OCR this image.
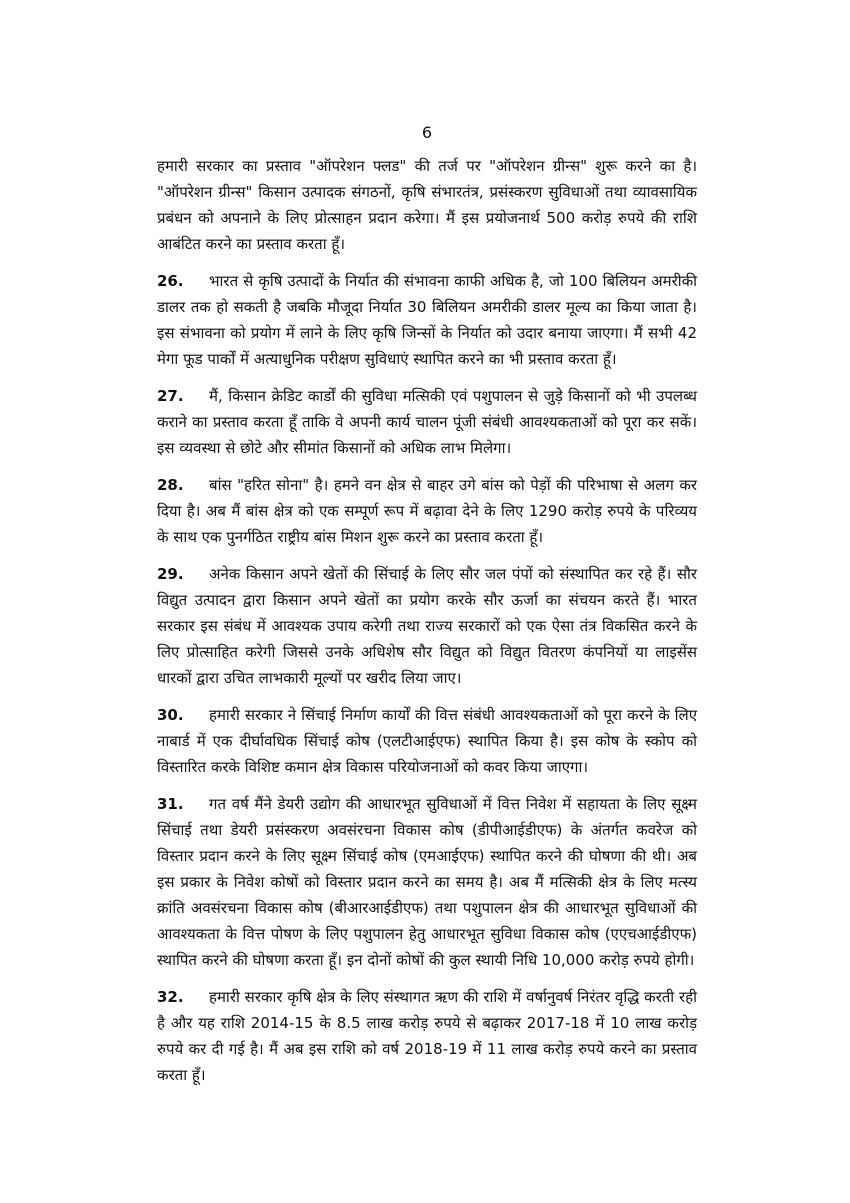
6

हमारी सरकार का प्रस्ताव "ऑपरेशन फ्लड" की तर्ज पर "ऑपरेशन ग्रीन्स" शुरू करने का है। "ऑपरेशन ग्रीन्स" किसान उत्पादक संगठनों, कृषि संभारतंत्र, प्रसंस्करण सुविधाओं तथा व्यावसायिक प्रबंधन को अपनाने के लिए प्रोत्साहन प्रदान करेगा। मैं इस प्रयोजनार्थ 500 करोड़ रुपये की राशि आबंटित करने का प्रस्ताव करता हूँ।

26. भारत से कृषि उत्पादों के निर्यात की संभावना काफी अधिक है, जो 100 बिलियन अमरीकी डालर तक हो सकती है जबकि मौजूदा निर्यात 30 बिलियन अमरीकी डालर मूल्य का किया जाता है। इस संभावना को प्रयोग में लाने के लिए कृषि जिन्सों के निर्यात को उदार बनाया जाएगा। मैं सभी 42 मेगा फूड पार्कों में अत्याधुनिक परीक्षण सुविधाएं स्थापित करने का भी प्रस्ताव करता हूँ।

27. मैं, किसान क्रेडिट कार्डों की सुविधा मत्सिकी एवं पशुपालन से जुड़े किसानों को भी उपलब्ध कराने का प्रस्ताव करता हूँ ताकि वे अपनी कार्य चालन पूंजी संबंधी आवश्यकताओं को पूरा कर सकें। इस व्यवस्था से छोटे और सीमांत किसानों को अधिक लाभ मिलेगा।

28. बांस "हरित सोना" है। हमने वन क्षेत्र से बाहर उगे बांस को पेड़ों की परिभाषा से अलग कर दिया है। अब मैं बांस क्षेत्र को एक सम्पूर्ण रूप में बढ़ावा देने के लिए 1290 करोड़ रुपये के परिव्यय के साथ एक पुनर्गठित राष्ट्रीय बांस मिशन शुरू करने का प्रस्ताव करता हूँ।

29. अनेक किसान अपने खेतों की सिंचाई के लिए सौर जल पंपों को संस्थापित कर रहे हैं। सौर विद्युत उत्पादन द्वारा किसान अपने खेतों का प्रयोग करके सौर ऊर्जा का संचयन करते हैं। भारत सरकार इस संबंध में आवश्यक उपाय करेगी तथा राज्य सरकारों को एक ऐसा तंत्र विकसित करने के लिए प्रोत्साहित करेगी जिससे उनके अधिशेष सौर विद्युत को विद्युत वितरण कंपनियों या लाइसेंस धारकों द्वारा उचित लाभकारी मूल्यों पर खरीद लिया जाए।

30. हमारी सरकार ने सिंचाई निर्माण कार्यों की वित्त संबंधी आवश्यकताओं को पूरा करने के लिए नाबार्ड में एक दीर्घावधिक सिंचाई कोष (एलटीआईएफ) स्थापित किया है। इस कोष के स्कोप को विस्तारित करके विशिष्ट कमान क्षेत्र विकास परियोजनाओं को कवर किया जाएगा।

31. गत वर्ष मैंने डेयरी उद्योग की आधारभूत सुविधाओं में वित्त निवेश में सहायता के लिए सूक्ष्म सिंचाई तथा डेयरी प्रसंस्करण अवसंरचना विकास कोष (डीपीआईडीएफ) के अंतर्गत कवरेज को विस्तार प्रदान करने के लिए सूक्ष्म सिंचाई कोष (एमआईएफ) स्थापित करने की घोषणा की थी। अब इस प्रकार के निवेश कोषों को विस्तार प्रदान करने का समय है। अब मैं मत्सिकी क्षेत्र के लिए मत्स्य क्रांति अवसंरचना विकास कोष (बीआरआईडीएफ) तथा पशुपालन क्षेत्र की आधारभूत सुविधाओं की आवश्यकता के वित्त पोषण के लिए पशुपालन हेतु आधारभूत सुविधा विकास कोष (एएचआईडीएफ) स्थापित करने की घोषणा करता हूँ। इन दोनों कोषों की कुल स्थायी निधि 10,000 करोड़ रुपये होगी।

32. हमारी सरकार कृषि क्षेत्र के लिए संस्थागत ऋण की राशि में वर्षानुवर्ष निरंतर वृद्धि करती रही है और यह राशि 2014-15 के 8.5 लाख करोड़ रुपये से बढ़ाकर 2017-18 में 10 लाख करोड़ रुपये कर दी गई है। मैं अब इस राशि को वर्ष 2018-19 में 11 लाख करोड़ रुपये करने का प्रस्ताव करता हूँ।
